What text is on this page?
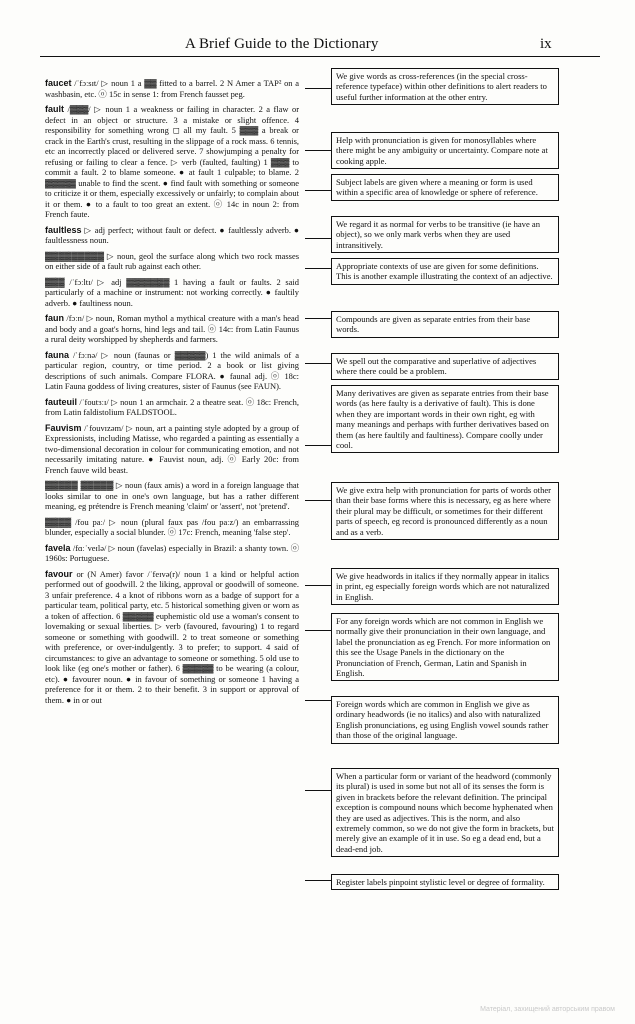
A Brief Guide to the Dictionary	ix

faucet /ˈfɔːsɪt/ ▷ noun 1 a ▓▓ fitted to a barrel. 2 N Amer a TAP² on a washbasin, etc. ⓞ 15c in sense 1: from French fausset peg.

fault /▓▓▓/ ▷ noun 1 a weakness or failing in character. 2 a flaw or defect in an object or structure. 3 a mistake or slight offence. 4 responsibility for something wrong ◻ all my fault. 5 ▓▓▓ a break or crack in the Earth's crust, resulting in the slippage of a rock mass. 6 tennis, etc an incorrectly placed or delivered serve. 7 showjumping a penalty for refusing or failing to clear a fence. ▷ verb (faulted, faulting) 1 ▓▓▓ to commit a fault. 2 to blame someone. ● at fault 1 culpable; to blame. 2 ▓▓▓▓▓ unable to find the scent. ● find fault with something or someone to criticize it or them, especially excessively or unfairly; to complain about it or them. ● to a fault to too great an extent. ⓞ 14c in noun 2: from French faute.

faultless ▷ adj perfect; without fault or defect. ● faultlessly adverb. ● faultlessness noun.

▓▓▓▓▓▓▓▓▓ ▷ noun, geol the surface along which two rock masses on either side of a fault rub against each other.

▓▓▓ /ˈfɔːltɪ/ ▷ adj ▓▓▓▓▓▓▓ 1 having a fault or faults. 2 said particularly of a machine or instrument: not working correctly. ● faultily adverb. ● faultiness noun.

faun /fɔːn/ ▷ noun, Roman mythol a mythical creature with a man's head and body and a goat's horns, hind legs and tail. ⓞ 14c: from Latin Faunus a rural deity worshipped by shepherds and farmers.

fauna /ˈfɔːnə/ ▷ noun (faunas or ▓▓▓▓▓) 1 the wild animals of a particular region, country, or time period. 2 a book or list giving descriptions of such animals. Compare FLORA. ● faunal adj. ⓞ 18c: Latin Fauna goddess of living creatures, sister of Faunus (see FAUN).

fauteuil /ˈfoutɜːɪ/ ▷ noun 1 an armchair. 2 a theatre seat. ⓞ 18c: French, from Latin faldistolium FALDSTOOL.

Fauvism /ˈfouvɪzəm/ ▷ noun, art a painting style adopted by a group of Expressionists, including Matisse, who regarded a painting as essentially a two-dimensional decoration in colour for communicating emotion, and not necessarily imitating nature. ● Fauvist noun, adj. ⓞ Early 20c: from French fauve wild beast.

▓▓▓▓▓ ▓▓▓▓▓ ▷ noun (faux amis) a word in a foreign language that looks similar to one in one's own language, but has a rather different meaning, eg prétendre is French meaning 'claim' or 'assert', not 'pretend'.

▓▓▓▓ /fou paː/ ▷ noun (plural faux pas /fou paːz/) an embarrassing blunder, especially a social blunder. ⓞ 17c: French, meaning 'false step'.

favela /fɑːˈveɪlə/ ▷ noun (favelas) especially in Brazil: a shanty town. ⓞ 1960s: Portuguese.

favour or (N Amer) favor /ˈfeɪvə(r)/ noun 1 a kind or helpful action performed out of goodwill. 2 the liking, approval or goodwill of someone. 3 unfair preference. 4 a knot of ribbons worn as a badge of support for a particular team, political party, etc. 5 historical something given or worn as a token of affection. 6 ▓▓▓▓▓ euphemistic old use a woman's consent to lovemaking or sexual liberties. ▷ verb (favoured, favouring) 1 to regard someone or something with goodwill. 2 to treat someone or something with preference, or over-indulgently. 3 to prefer; to support. 4 said of circumstances: to give an advantage to someone or something. 5 old use to look like (eg one's mother or father). 6 ▓▓▓▓▓ to be wearing (a colour, etc). ● favourer noun. ● in favour of something or someone 1 having a preference for it or them. 2 to their benefit. 3 in support or approval of them. ● in or out

We give words as cross-references (in the special cross-reference typeface) within other definitions to alert readers to useful further information at the other entry.
Help with pronunciation is given for monosyllables where there might be any ambiguity or uncertainty. Compare note at cooking apple.
Subject labels are given where a meaning or form is used within a specific area of knowledge or sphere of reference.
We regard it as normal for verbs to be transitive (ie have an object), so we only mark verbs when they are used intransitively.
Appropriate contexts of use are given for some definitions. This is another example illustrating the context of an adjective.
Compounds are given as separate entries from their base words.
We spell out the comparative and superlative of adjectives where there could be a problem.
Many derivatives are given as separate entries from their base words (as here faulty is a derivative of fault). This is done when they are important words in their own right, eg with many meanings and perhaps with further derivatives based on them (as here faultily and faultiness). Compare coolly under cool.
We give extra help with pronunciation for parts of words other than their base forms where this is necessary, eg as here where their plural may be difficult, or sometimes for their different parts of speech, eg record is pronounced differently as a noun and as a verb.
We give headwords in italics if they normally appear in italics in print, eg especially foreign words which are not naturalized in English.
For any foreign words which are not common in English we normally give their pronunciation in their own language, and label the pronunciation as eg French. For more information on this see the Usage Panels in the dictionary on the Pronunciation of French, German, Latin and Spanish in English.
Foreign words which are common in English we give as ordinary headwords (ie no italics) and also with naturalized English pronunciations, eg using English vowel sounds rather than those of the original language.
When a particular form or variant of the headword (commonly its plural) is used in some but not all of its senses the form is given in brackets before the relevant definition. The principal exception is compound nouns which become hyphenated when they are used as adjectives. This is the norm, and also extremely common, so we do not give the form in brackets, but merely give an example of it in use. So eg a dead end, but a dead-end job.
Register labels pinpoint stylistic level or degree of formality.
Матеріал, захищений авторським правом
